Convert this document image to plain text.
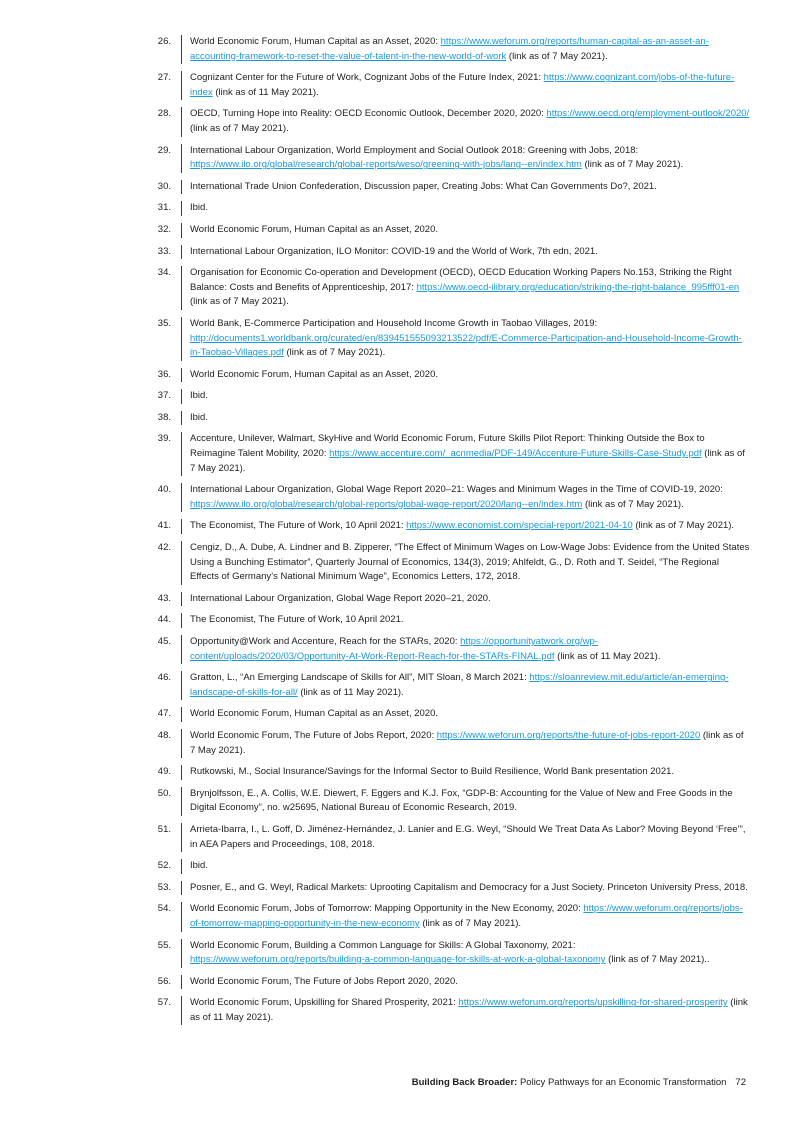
26.	World Economic Forum, Human Capital as an Asset, 2020: https://www.weforum.org/reports/human-capital-as-an-asset-an-accounting-framework-to-reset-the-value-of-talent-in-the-new-world-of-work (link as of 7 May 2021).
27.	Cognizant Center for the Future of Work, Cognizant Jobs of the Future Index, 2021: https://www.cognizant.com/jobs-of-the-future-index (link as of 11 May 2021).
28.	OECD, Turning Hope into Reality: OECD Economic Outlook, December 2020, 2020: https://www.oecd.org/employment-outlook/2020/ (link as of 7 May 2021).
29.	International Labour Organization, World Employment and Social Outlook 2018: Greening with Jobs, 2018: https://www.ilo.org/global/research/global-reports/weso/greening-with-jobs/lang--en/index.htm (link as of 7 May 2021).
30.	International Trade Union Confederation, Discussion paper, Creating Jobs: What Can Governments Do?, 2021.
31.	Ibid.
32.	World Economic Forum, Human Capital as an Asset, 2020.
33.	International Labour Organization, ILO Monitor: COVID-19 and the World of Work, 7th edn, 2021.
34.	Organisation for Economic Co-operation and Development (OECD), OECD Education Working Papers No.153, Striking the Right Balance: Costs and Benefits of Apprenticeship, 2017: https://www.oecd-ilibrary.org/education/striking-the-right-balance_995fff01-en (link as of 7 May 2021).
35.	World Bank, E-Commerce Participation and Household Income Growth in Taobao Villages, 2019: http://documents1.worldbank.org/curated/en/839451555093213522/pdf/E-Commerce-Participation-and-Household-Income-Growth-in-Taobao-Villages.pdf (link as of 7 May 2021).
36.	World Economic Forum, Human Capital as an Asset, 2020.
37.	Ibid.
38.	Ibid.
39.	Accenture, Unilever, Walmart, SkyHive and World Economic Forum, Future Skills Pilot Report: Thinking Outside the Box to Reimagine Talent Mobility, 2020: https://www.accenture.com/_acnmedia/PDF-149/Accenture-Future-Skills-Case-Study.pdf (link as of 7 May 2021).
40.	International Labour Organization, Global Wage Report 2020–21: Wages and Minimum Wages in the Time of COVID-19, 2020: https://www.ilo.org/global/research/global-reports/global-wage-report/2020/lang--en/index.htm (link as of 7 May 2021).
41.	The Economist, The Future of Work, 10 April 2021: https://www.economist.com/special-report/2021-04-10 (link as of 7 May 2021).
42.	Cengiz, D., A. Dube, A. Lindner and B. Zipperer, “The Effect of Minimum Wages on Low-Wage Jobs: Evidence from the United States Using a Bunching Estimator”, Quarterly Journal of Economics, 134(3), 2019; Ahlfeldt, G., D. Roth and T. Seidel, “The Regional Effects of Germany’s National Minimum Wage”, Economics Letters, 172, 2018.
43.	International Labour Organization, Global Wage Report 2020–21, 2020.
44.	The Economist, The Future of Work, 10 April 2021.
45.	Opportunity@Work and Accenture, Reach for the STARs, 2020: https://opportunityatwork.org/wp-content/uploads/2020/03/Opportunity-At-Work-Report-Reach-for-the-STARs-FINAL.pdf (link as of 11 May 2021).
46.	Gratton, L., “An Emerging Landscape of Skills for All”, MIT Sloan, 8 March 2021: https://sloanreview.mit.edu/article/an-emerging-landscape-of-skills-for-all/ (link as of 11 May 2021).
47.	World Economic Forum, Human Capital as an Asset, 2020.
48.	World Economic Forum, The Future of Jobs Report, 2020: https://www.weforum.org/reports/the-future-of-jobs-report-2020 (link as of 7 May 2021).
49.	Rutkowski, M., Social Insurance/Savings for the Informal Sector to Build Resilience, World Bank presentation 2021.
50.	Brynjolfsson, E., A. Collis, W.E. Diewert, F. Eggers and K.J. Fox, “GDP-B: Accounting for the Value of New and Free Goods in the Digital Economy”, no. w25695, National Bureau of Economic Research, 2019.
51.	Arrieta-Ibarra, I., L. Goff, D. Jiménez-Hernández, J. Lanier and E.G. Weyl, “Should We Treat Data As Labor? Moving Beyond ‘Free’”, in AEA Papers and Proceedings, 108, 2018.
52.	Ibid.
53.	Posner, E., and G. Weyl, Radical Markets: Uprooting Capitalism and Democracy for a Just Society. Princeton University Press, 2018.
54.	World Economic Forum, Jobs of Tomorrow: Mapping Opportunity in the New Economy, 2020: https://www.weforum.org/reports/jobs-of-tomorrow-mapping-opportunity-in-the-new-economy (link as of 7 May 2021).
55.	World Economic Forum, Building a Common Language for Skills: A Global Taxonomy, 2021: https://www.weforum.org/reports/building-a-common-language-for-skills-at-work-a-global-taxonomy (link as of 7 May 2021)..
56.	World Economic Forum, The Future of Jobs Report 2020, 2020.
57.	World Economic Forum, Upskilling for Shared Prosperity, 2021: https://www.weforum.org/reports/upskilling-for-shared-prosperity (link as of 11 May 2021).
Building Back Broader: Policy Pathways for an Economic Transformation 72
